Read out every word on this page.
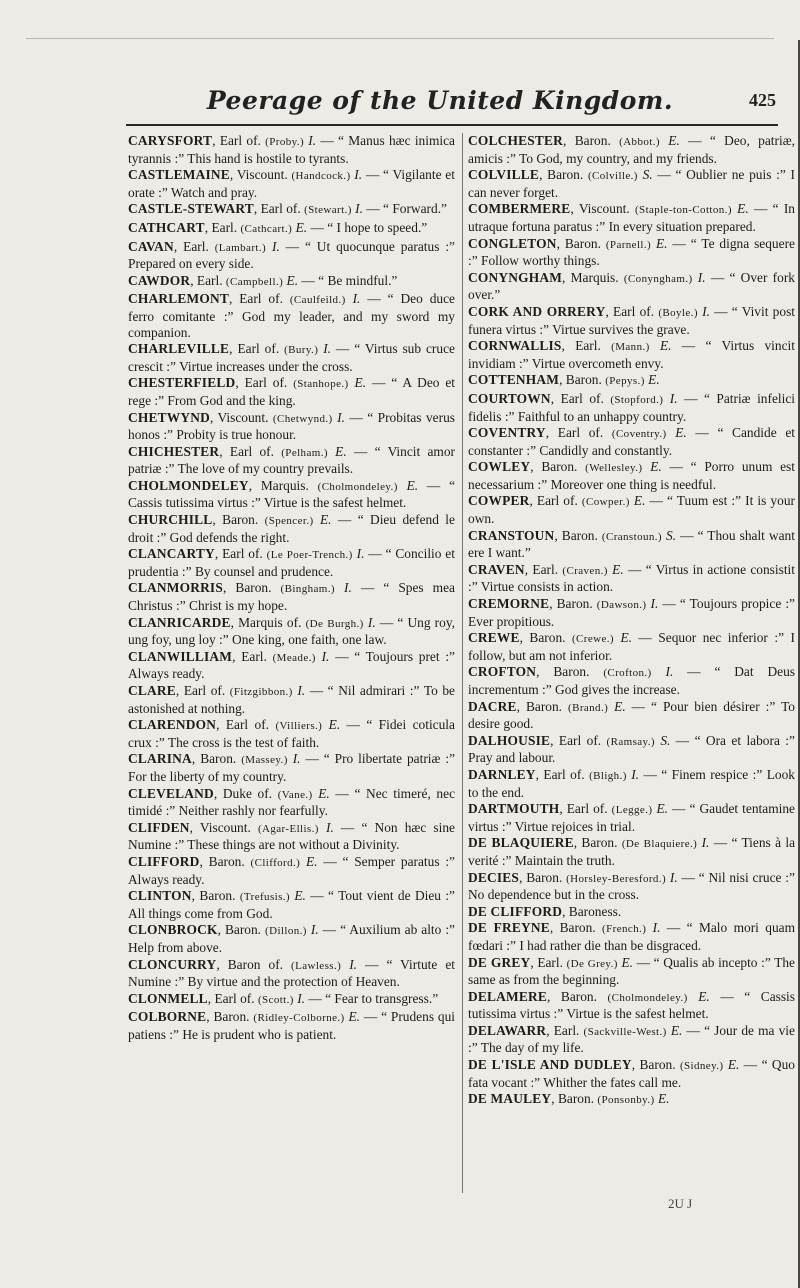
Peerage of the United Kingdom.	425

CARYSFORT, Earl of. (Proby.) I. — “ Manus hæc inimica tyrannis :” This hand is hostile to tyrants.

CASTLEMAINE, Viscount. (Handcock.) I. — “ Vigilante et orate :” Watch and pray.

CASTLE-STEWART, Earl of. (Stewart.) I. — “ Forward.”

CATHCART, Earl. (Cathcart.) E. — “ I hope to speed.”

CAVAN, Earl. (Lambart.) I. — “ Ut quocunque paratus :” Prepared on every side.

CAWDOR, Earl. (Campbell.) E. — “ Be mindful.”

CHARLEMONT, Earl of. (Caulfeild.) I. — “ Deo duce ferro comitante :” God my leader, and my sword my companion.

CHARLEVILLE, Earl of. (Bury.) I. — “ Virtus sub cruce crescit :” Virtue increases under the cross.

CHESTERFIELD, Earl of. (Stanhope.) E. — “ A Deo et rege :” From God and the king.

CHETWYND, Viscount. (Chetwynd.) I. — “ Probitas verus honos :” Probity is true honour.

CHICHESTER, Earl of. (Pelham.) E. — “ Vincit amor patriæ :” The love of my country prevails.

CHOLMONDELEY, Marquis. (Cholmondeley.) E. — “ Cassis tutissima virtus :” Virtue is the safest helmet.

CHURCHILL, Baron. (Spencer.) E. — “ Dieu defend le droit :” God defends the right.

CLANCARTY, Earl of. (Le Poer-Trench.) I. — “ Concilio et prudentia :” By counsel and prudence.

CLANMORRIS, Baron. (Bingham.) I. — “ Spes mea Christus :” Christ is my hope.

CLANRICARDE, Marquis of. (De Burgh.) I. — “ Ung roy, ung foy, ung loy :” One king, one faith, one law.

CLANWILLIAM, Earl. (Meade.) I. — “ Toujours pret :” Always ready.

CLARE, Earl of. (Fitzgibbon.) I. — “ Nil admirari :” To be astonished at nothing.

CLARENDON, Earl of. (Villiers.) E. — “ Fidei coticula crux :” The cross is the test of faith.

CLARINA, Baron. (Massey.) I. — “ Pro libertate patriæ :” For the liberty of my country.

CLEVELAND, Duke of. (Vane.) E. — “ Nec timeré, nec timidé :” Neither rashly nor fearfully.

CLIFDEN, Viscount. (Agar-Ellis.) I. — “ Non hæc sine Numine :” These things are not without a Divinity.

CLIFFORD, Baron. (Clifford.) E. — “ Semper paratus :” Always ready.

CLINTON, Baron. (Trefusis.) E. — “ Tout vient de Dieu :” All things come from God.

CLONBROCK, Baron. (Dillon.) I. — “ Auxilium ab alto :” Help from above.

CLONCURRY, Baron of. (Lawless.) I. — “ Virtute et Numine :” By virtue and the protection of Heaven.

CLONMELL, Earl of. (Scott.) I. — “ Fear to transgress.”

COLBORNE, Baron. (Ridley-Colborne.) E. — “ Prudens qui patiens :” He is prudent who is patient.

COLCHESTER, Baron. (Abbot.) E. — “ Deo, patriæ, amicis :” To God, my country, and my friends.

COLVILLE, Baron. (Colville.) S. — “ Oublier ne puis :” I can never forget.

COMBERMERE, Viscount. (Staple-ton-Cotton.) E. — “ In utraque fortuna paratus :” In every situation prepared.

CONGLETON, Baron. (Parnell.) E. — “ Te digna sequere :” Follow worthy things.

CONYNGHAM, Marquis. (Conyngham.) I. — “ Over fork over.”

CORK AND ORRERY, Earl of. (Boyle.) I. — “ Vivit post funera virtus :” Virtue survives the grave.

CORNWALLIS, Earl. (Mann.) E. — “ Virtus vincit invidiam :” Virtue overcometh envy.

COTTENHAM, Baron. (Pepys.) E.

COURTOWN, Earl of. (Stopford.) I. — “ Patriæ infelici fidelis :” Faithful to an unhappy country.

COVENTRY, Earl of. (Coventry.) E. — “ Candide et constanter :” Candidly and constantly.

COWLEY, Baron. (Wellesley.) E. — “ Porro unum est necessarium :” Moreover one thing is needful.

COWPER, Earl of. (Cowper.) E. — “ Tuum est :” It is your own.

CRANSTOUN, Baron. (Cranstoun.) S. — “ Thou shalt want ere I want.”

CRAVEN, Earl. (Craven.) E. — “ Virtus in actione consistit :” Virtue consists in action.

CREMORNE, Baron. (Dawson.) I. — “ Toujours propice :” Ever propitious.

CREWE, Baron. (Crewe.) E. — Sequor nec inferior :” I follow, but am not inferior.

CROFTON, Baron. (Crofton.) I. — “ Dat Deus incrementum :” God gives the increase.

DACRE, Baron. (Brand.) E. — “ Pour bien désirer :” To desire good.

DALHOUSIE, Earl of. (Ramsay.) S. — “ Ora et labora :” Pray and labour.

DARNLEY, Earl of. (Bligh.) I. — “ Finem respice :” Look to the end.

DARTMOUTH, Earl of. (Legge.) E. — “ Gaudet tentamine virtus :” Virtue rejoices in trial.

DE BLAQUIERE, Baron. (De Blaquiere.) I. — “ Tiens à la verité :” Maintain the truth.

DECIES, Baron. (Horsley-Beresford.) I. — “ Nil nisi cruce :” No dependence but in the cross.

DE CLIFFORD, Baroness.

DE FREYNE, Baron. (French.) I. — “ Malo mori quam fœdari :” I had rather die than be disgraced.

DE GREY, Earl. (De Grey.) E. — “ Qualis ab incepto :” The same as from the beginning.

DELAMERE, Baron. (Cholmondeley.) E. — “ Cassis tutissima virtus :” Virtue is the safest helmet.

DELAWARR, Earl. (Sackville-West.) E. — “ Jour de ma vie :” The day of my life.

DE L'ISLE AND DUDLEY, Baron. (Sidney.) E. — “ Quo fata vocant :” Whither the fates call me.

DE MAULEY, Baron. (Ponsonby.) E.

2U J
